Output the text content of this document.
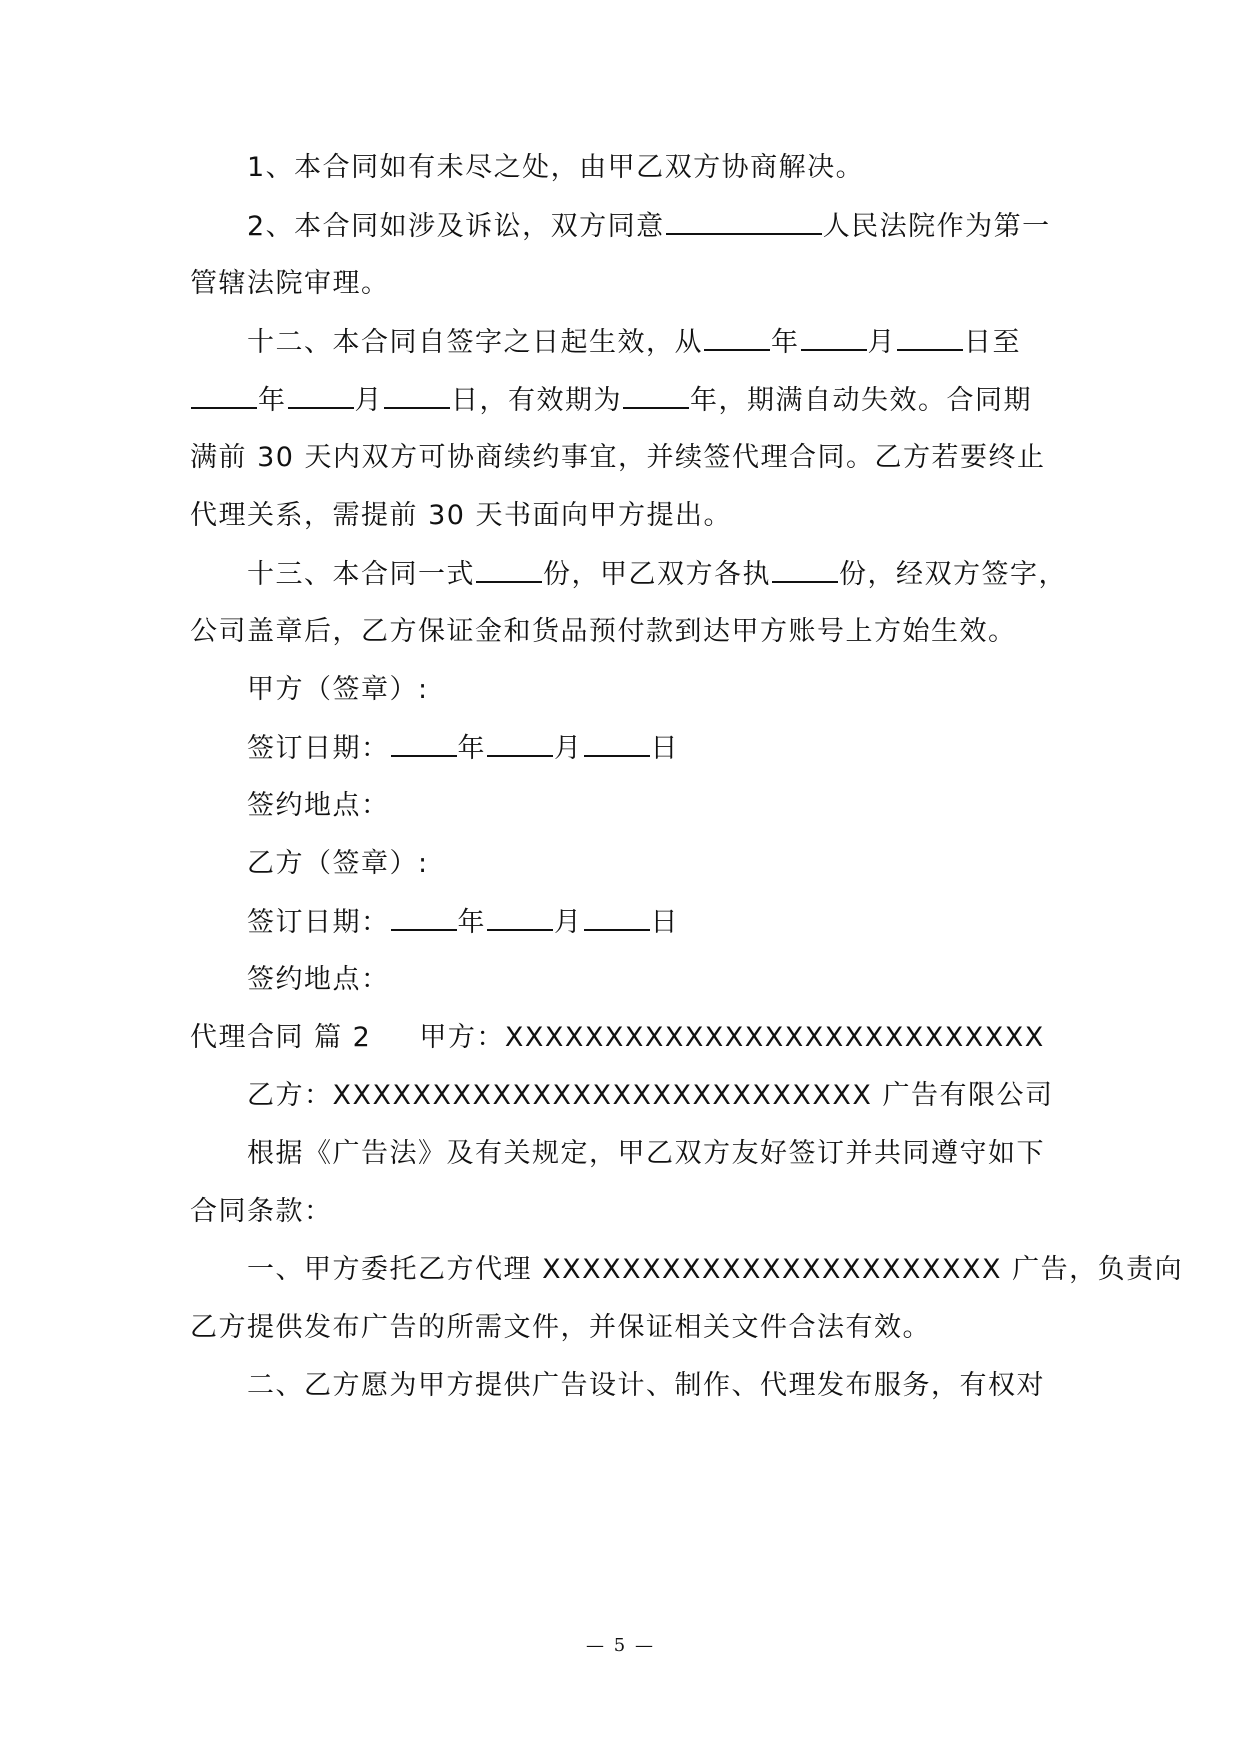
1、本合同如有未尽之处，由甲乙双方协商解决。
2、本合同如涉及诉讼，双方同意	人民法院作为第一
管辖法院审理。
十二、本合同自签字之日起生效，从	年	月	日至
年	月	日，有效期为	年，期满自动失效。合同期
满前 30 天内双方可协商续约事宜，并续签代理合同。乙方若要终止
代理关系，需提前 30 天书面向甲方提出。
十三、本合同一式	份，甲乙双方各执	份，经双方签字，
公司盖章后，乙方保证金和货品预付款到达甲方账号上方始生效。
甲方（签章）:
签订日期：	年	月	日
签约地点：
乙方（签章）:
签订日期：	年	月	日
签约地点：
代理合同 篇 2 甲方：XXXXXXXXXXXXXXXXXXXXXXXXXXX
乙方：XXXXXXXXXXXXXXXXXXXXXXXXXXX 广告有限公司
根据《广告法》及有关规定，甲乙双方友好签订并共同遵守如下
合同条款：
一、甲方委托乙方代理 XXXXXXXXXXXXXXXXXXXXXXX 广告，负责向
乙方提供发布广告的所需文件，并保证相关文件合法有效。
二、乙方愿为甲方提供广告设计、制作、代理发布服务，有权对
— 5 —
